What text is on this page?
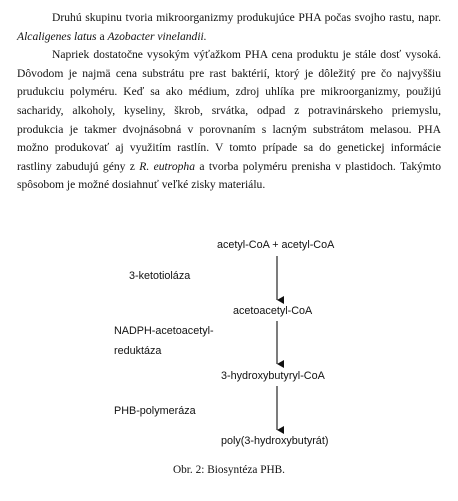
Druhú skupinu tvoria mikroorganizmy produkujúce PHA počas svojho rastu, napr. Alcaligenes latus a Azobacter vinelandii.

Napriek dostatočne vysokým výťažkom PHA cena produktu je stále dosť vysoká. Dôvodom je najmä cena substrátu pre rast baktérií, ktorý je dôležitý pre čo najvyššiu prudukciu polyméru. Keď sa ako médium, zdroj uhlíka pre mikroorganizmy, použijú sacharidy, alkoholy, kyseliny, škrob, srvátka, odpad z potravinárskeho priemyslu, produkcia je takmer dvojnásobná v porovnaním s lacným substrátom melasou. PHA možno produkovať aj využitím rastlín. V tomto prípade sa do genetickej informácie rastliny zabudujú gény z R. eutropha a tvorba polyméru prenisha v plastidoch. Takýmto spôsobom je možné dosiahnuť veľké zisky materiálu.

acetyl-CoA + acetyl-CoA
acetoacetyl-CoA
3-hydroxybutyryl-CoA
poly(3-hydroxybutyrát)
3-ketotioláza
NADPH-acetoacetyl-
reduktáza
PHB-polymeráza
Obr. 2: Biosyntéza PHB.
